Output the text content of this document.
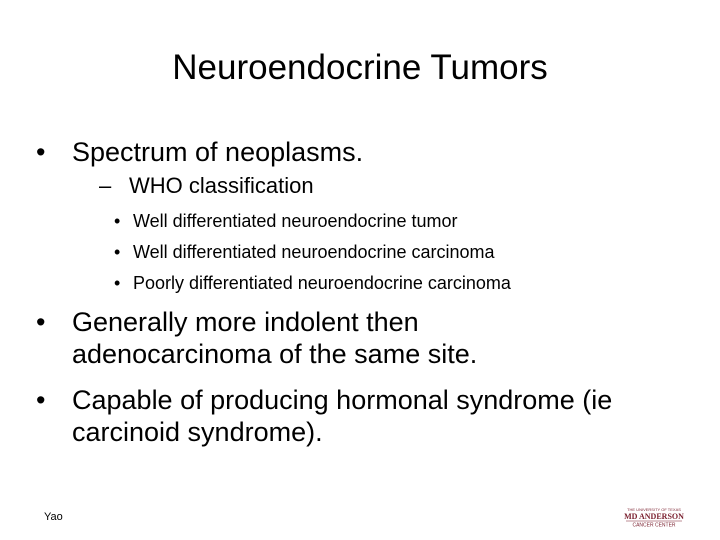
Neuroendocrine Tumors
• Spectrum of neoplasms.
– WHO classification
• Well differentiated neuroendocrine tumor
• Well differentiated neuroendocrine carcinoma
• Poorly differentiated neuroendocrine carcinoma
• Generally more indolent then adenocarcinoma of the same site.
• Capable of producing hormonal syndrome (ie carcinoid syndrome).
Yao
THE UNIVERSITY OF TEXAS
MD ANDERSON
CANCER CENTER
